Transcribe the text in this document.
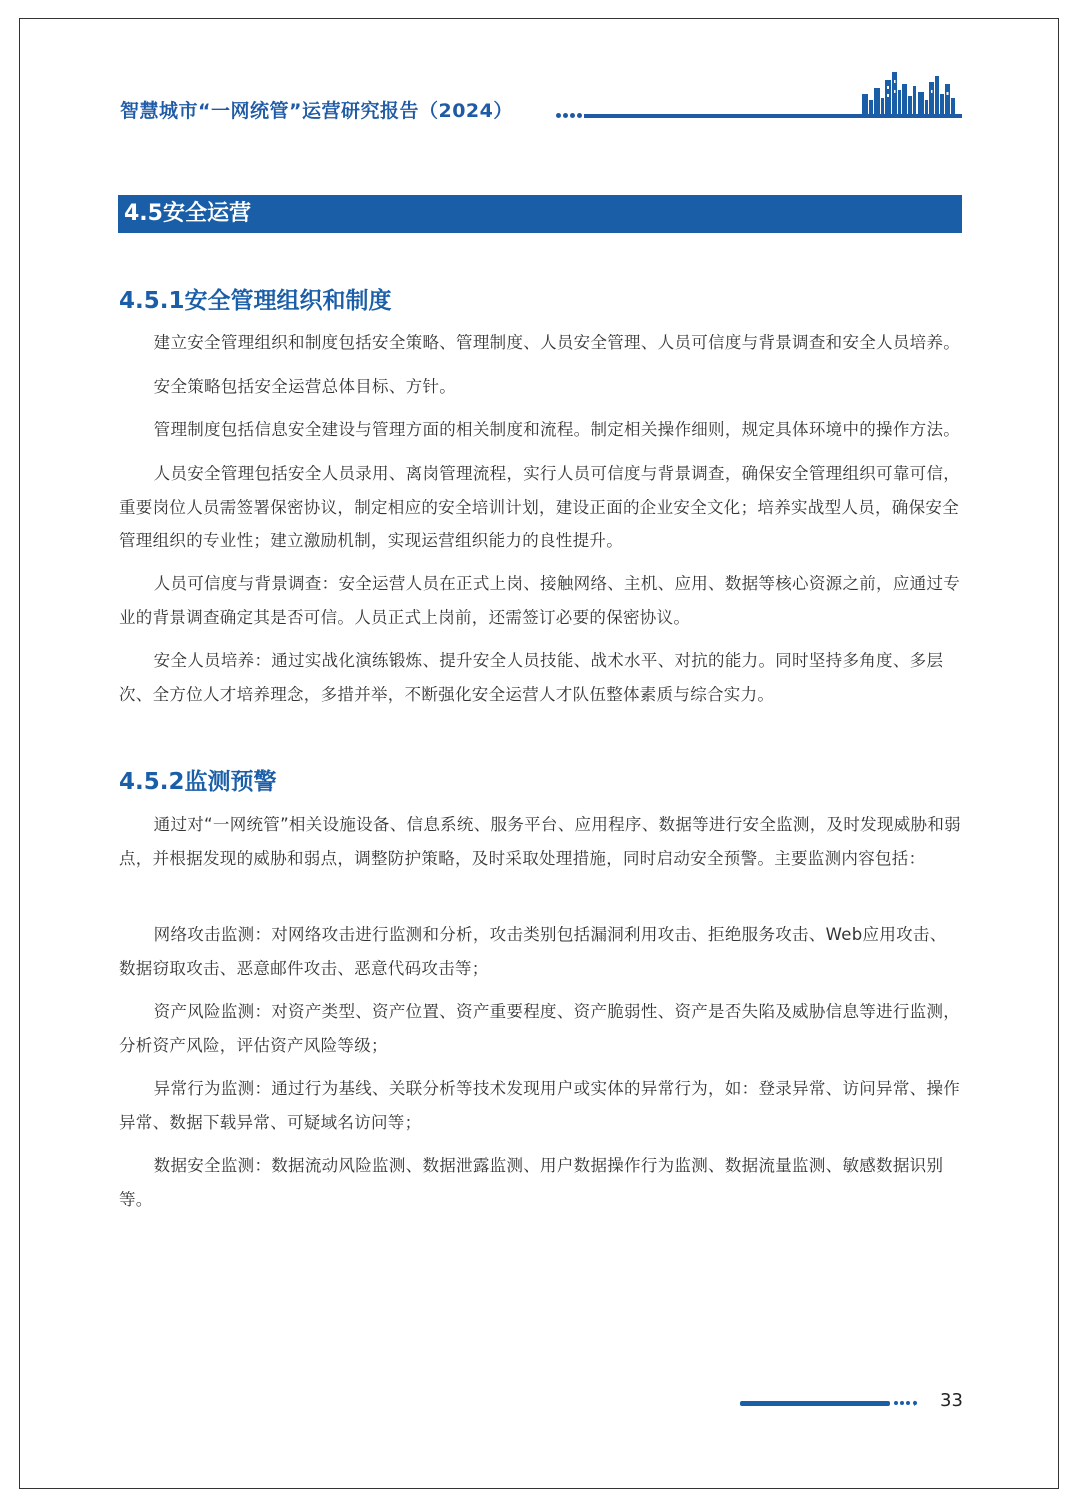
智慧城市“一网统管”运营研究报告（2024）
4.5安全运营
4.5.1安全管理组织和制度

建立安全管理组织和制度包括安全策略、管理制度、人员安全管理、人员可信度与背景调查和安全人员培养。

安全策略包括安全运营总体目标、方针。

管理制度包括信息安全建设与管理方面的相关制度和流程。制定相关操作细则，规定具体环境中的操作方法。

人员安全管理包括安全人员录用、离岗管理流程，实行人员可信度与背景调查，确保安全管理组织可靠可信，重要岗位人员需签署保密协议，制定相应的安全培训计划，建设正面的企业安全文化；培养实战型人员，确保安全管理组织的专业性；建立激励机制，实现运营组织能力的良性提升。

人员可信度与背景调查：安全运营人员在正式上岗、接触网络、主机、应用、数据等核心资源之前，应通过专业的背景调查确定其是否可信。人员正式上岗前，还需签订必要的保密协议。

安全人员培养：通过实战化演练锻炼、提升安全人员技能、战术水平、对抗的能力。同时坚持多角度、多层次、全方位人才培养理念，多措并举，不断强化安全运营人才队伍整体素质与综合实力。

4.5.2监测预警

通过对“一网统管”相关设施设备、信息系统、服务平台、应用程序、数据等进行安全监测，及时发现威胁和弱点，并根据发现的威胁和弱点，调整防护策略，及时采取处理措施，同时启动安全预警。主要监测内容包括：

网络攻击监测：对网络攻击进行监测和分析，攻击类别包括漏洞利用攻击、拒绝服务攻击、Web应用攻击、数据窃取攻击、恶意邮件攻击、恶意代码攻击等；

资产风险监测：对资产类型、资产位置、资产重要程度、资产脆弱性、资产是否失陷及威胁信息等进行监测，分析资产风险，评估资产风险等级；

异常行为监测：通过行为基线、关联分析等技术发现用户或实体的异常行为，如：登录异常、访问异常、操作异常、数据下载异常、可疑域名访问等；

数据安全监测：数据流动风险监测、数据泄露监测、用户数据操作行为监测、数据流量监测、敏感数据识别等。

› 33
